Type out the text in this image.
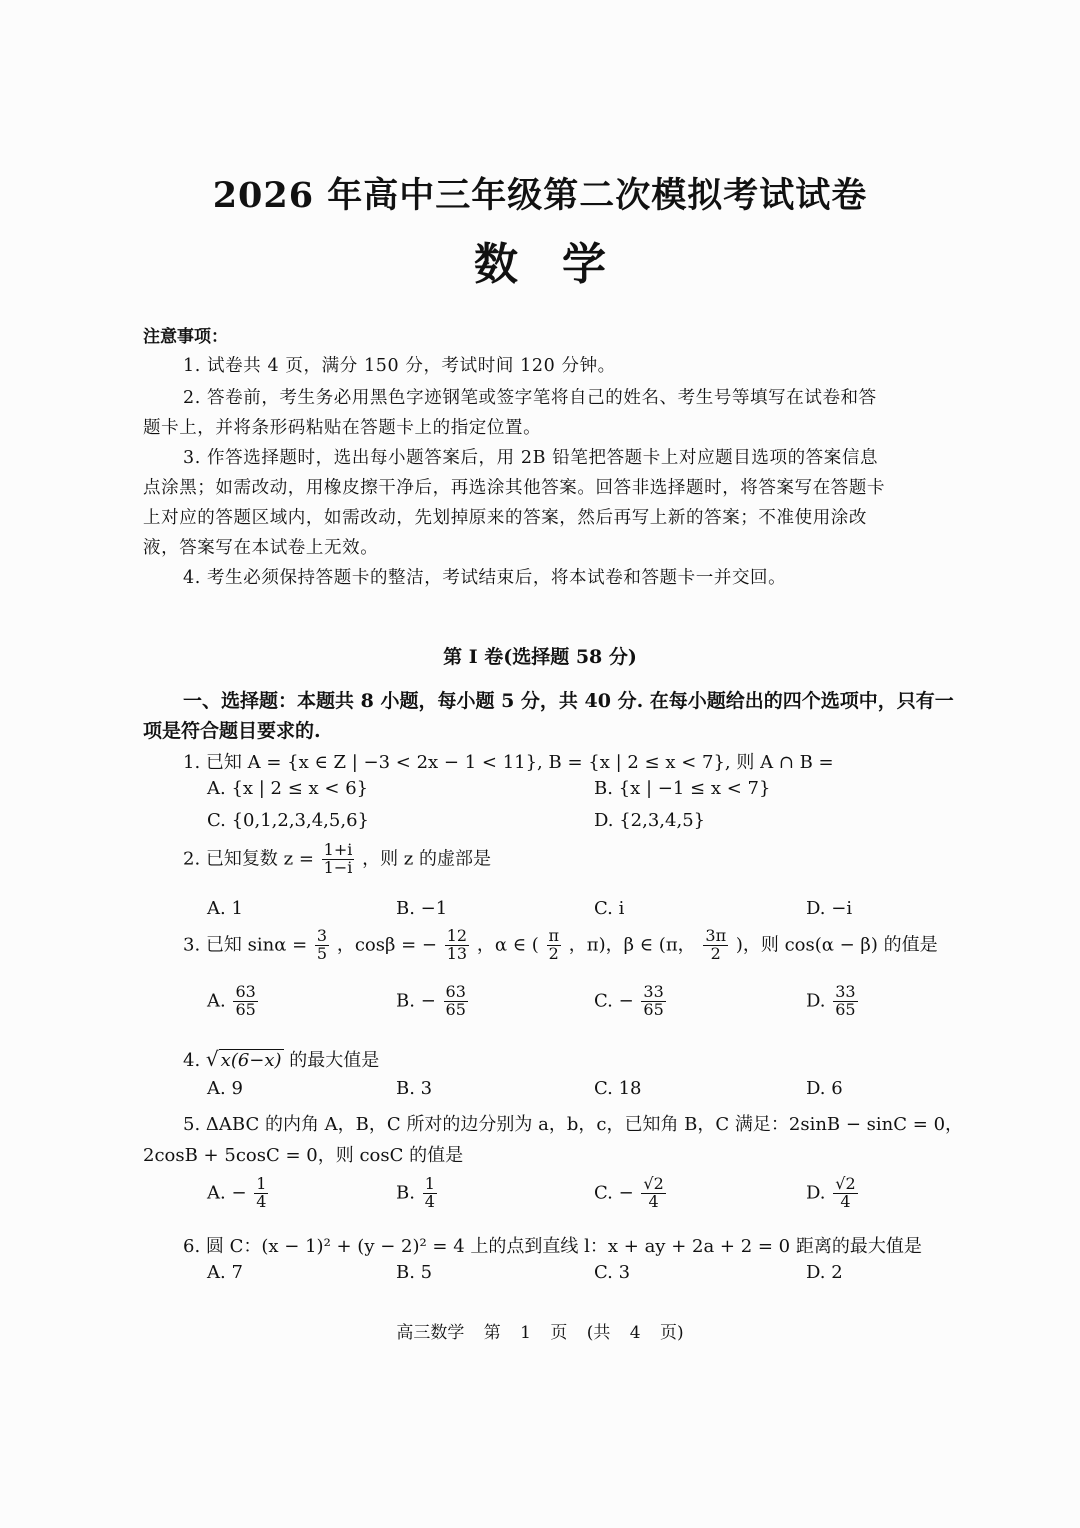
2026 年高中三年级第二次模拟考试试卷
数学
注意事项：
1. 试卷共 4 页，满分 150 分，考试时间 120 分钟。
2. 答卷前，考生务必用黑色字迹钢笔或签字笔将自己的姓名、考生号等填写在试卷和答
题卡上，并将条形码粘贴在答题卡上的指定位置。
3. 作答选择题时，选出每小题答案后，用 2B 铅笔把答题卡上对应题目选项的答案信息
点涂黑；如需改动，用橡皮擦干净后，再选涂其他答案。回答非选择题时，将答案写在答题卡
上对应的答题区域内，如需改动，先划掉原来的答案，然后再写上新的答案；不准使用涂改
液，答案写在本试卷上无效。
4. 考生必须保持答题卡的整洁，考试结束后，将本试卷和答题卡一并交回。
第 I 卷(选择题 58 分)
一、选择题：本题共 8 小题，每小题 5 分，共 40 分. 在每小题给出的四个选项中，只有一
项是符合题目要求的.
1. 已知 A = {x ∈ Z | −3 < 2x − 1 < 11}, B = {x | 2 ≤ x < 7}, 则 A ∩ B =
A. {x | 2 ≤ x < 6}	B. {x | −1 ≤ x < 7}
C. {0,1,2,3,4,5,6}	D. {2,3,4,5}
2. 已知复数 $z = \frac{1+i}{1-i}$ ，则 z 的虚部是
A. 1	B. −1	C. i	D. −i
3. 已知 $\sin\alpha = \frac{3}{5}$ ，cosβ = − $\frac{12}{13}$ ，α ∈ ( $\frac{\pi}{2}$ ，π)，β ∈ (π， $\frac{3\pi}{2}$ )，则 cos(α − β) 的值是
A. $\frac{63}{65}$	B. − $\frac{63}{65}$	C. − $\frac{33}{65}$	D. $\frac{33}{65}$
4. √ x(6−x) 的最大值是
A. 9	B. 3	C. 18	D. 6
5. ΔABC 的内角 A，B，C 所对的边分别为 a，b，c，已知角 B，C 满足：2sinB − sinC = 0，
2cosB + 5cosC = 0，则 cosC 的值是
A. − $\frac{1}{4}$	B. $\frac{1}{4}$	C. − $\frac{√2}{4}$	D. $\frac{√2}{4}$
6. 圆 C：(x − 1)² + (y − 2)² = 4 上的点到直线 l：x + ay + 2a + 2 = 0 距离的最大值是
A. 7	B. 5	C. 3	D. 2
高三数学 第 1 页 (共 4 页)
